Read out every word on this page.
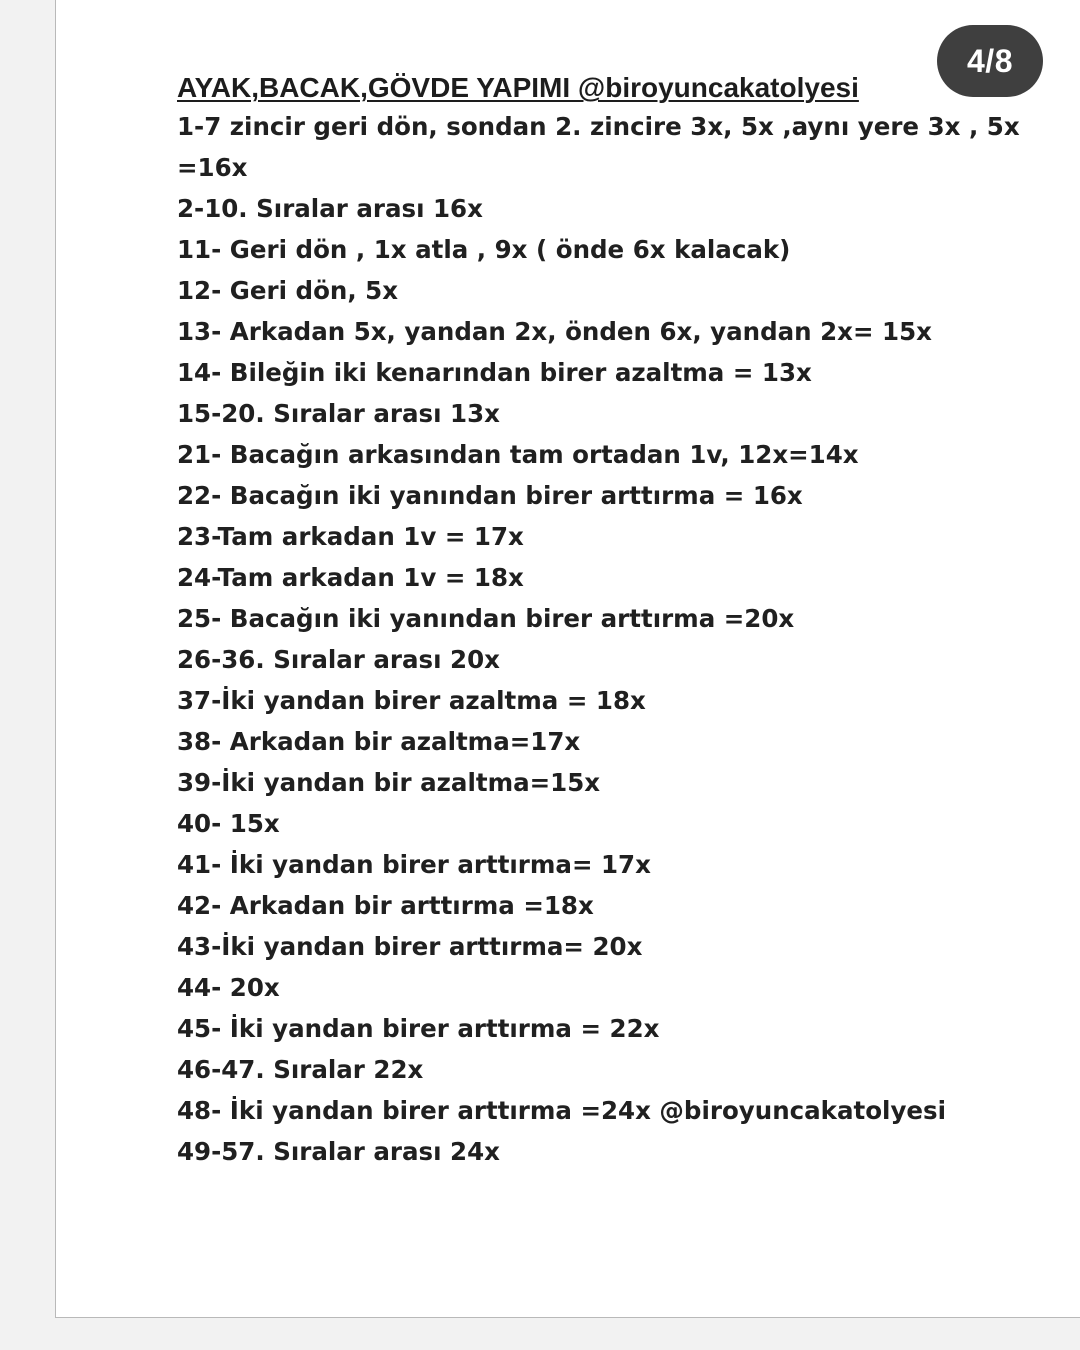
4/8
AYAK,BACAK,GÖVDE YAPIMI @biroyuncakatolyesi
1-7 zincir geri dön, sondan 2. zincire 3x, 5x ,aynı yere 3x , 5x
=16x
2-10. Sıralar arası 16x
11- Geri dön , 1x atla , 9x ( önde 6x kalacak)
12- Geri dön, 5x
13- Arkadan 5x, yandan 2x, önden 6x, yandan 2x= 15x
14- Bileğin iki kenarından birer azaltma = 13x
15-20. Sıralar arası 13x
21- Bacağın arkasından tam ortadan 1v, 12x=14x
22- Bacağın iki yanından birer arttırma = 16x
23-Tam arkadan 1v = 17x
24-Tam arkadan 1v = 18x
25- Bacağın iki yanından birer arttırma =20x
26-36. Sıralar arası 20x
37-İki yandan birer azaltma = 18x
38- Arkadan bir azaltma=17x
39-İki yandan bir azaltma=15x
40- 15x
41- İki yandan birer arttırma= 17x
42- Arkadan bir arttırma =18x
43-İki yandan birer arttırma= 20x
44- 20x
45- İki yandan birer arttırma = 22x
46-47. Sıralar 22x
48- İki yandan birer arttırma =24x @biroyuncakatolyesi
49-57. Sıralar arası 24x
